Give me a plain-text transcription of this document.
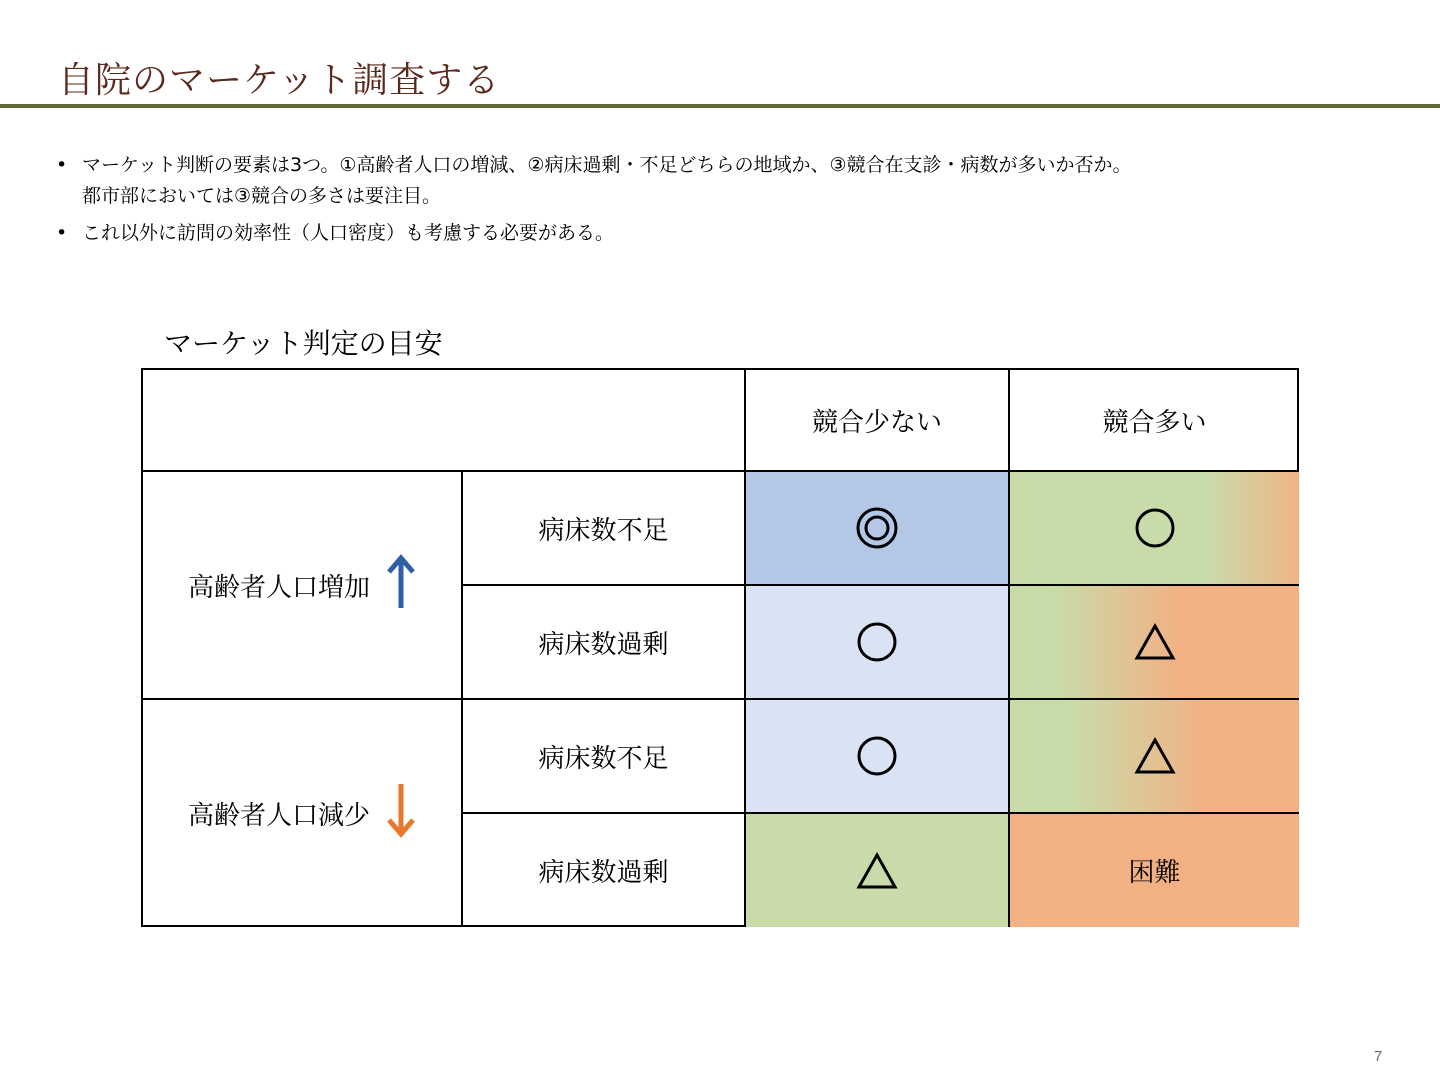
自院のマーケット調査する
• マーケット判断の要素は3つ。①高齢者人口の増減、②病床過剰・不足どちらの地域か、③競合在支診・病数が多いか否か。
都市部においては③競合の多さは要注目。
• これ以外に訪問の効率性（人口密度）も考慮する必要がある。
マーケット判定の目安
競合少ない	競合多い
高齢者人口増加
高齢者人口減少
病床数不足
病床数過剰
病床数不足
病床数過剰	困難
7
